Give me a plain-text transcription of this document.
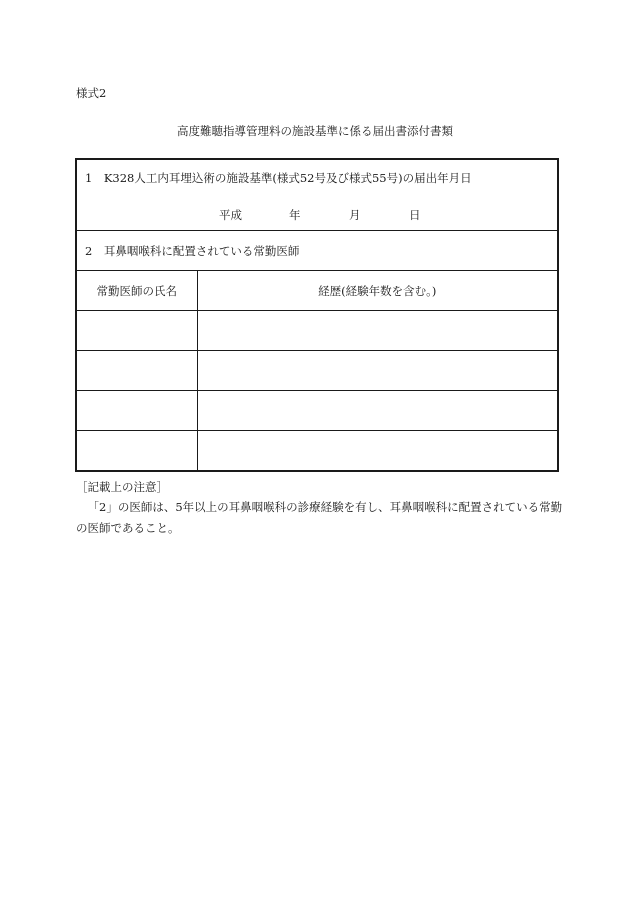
様式2
高度難聴指導管理料の施設基準に係る届出書添付書類
1　K328人工内耳埋込術の施設基準(様式52号及び様式55号)の届出年月日
平成 年 月 日	

2　耳鼻咽喉科に配置されている常勤医師	

常勤医師の氏名	経歴(経験年数を含む。)

［記載上の注意］
「2」の医師は、5年以上の耳鼻咽喉科の診療経験を有し、耳鼻咽喉科に配置されている常勤の医師であること。
